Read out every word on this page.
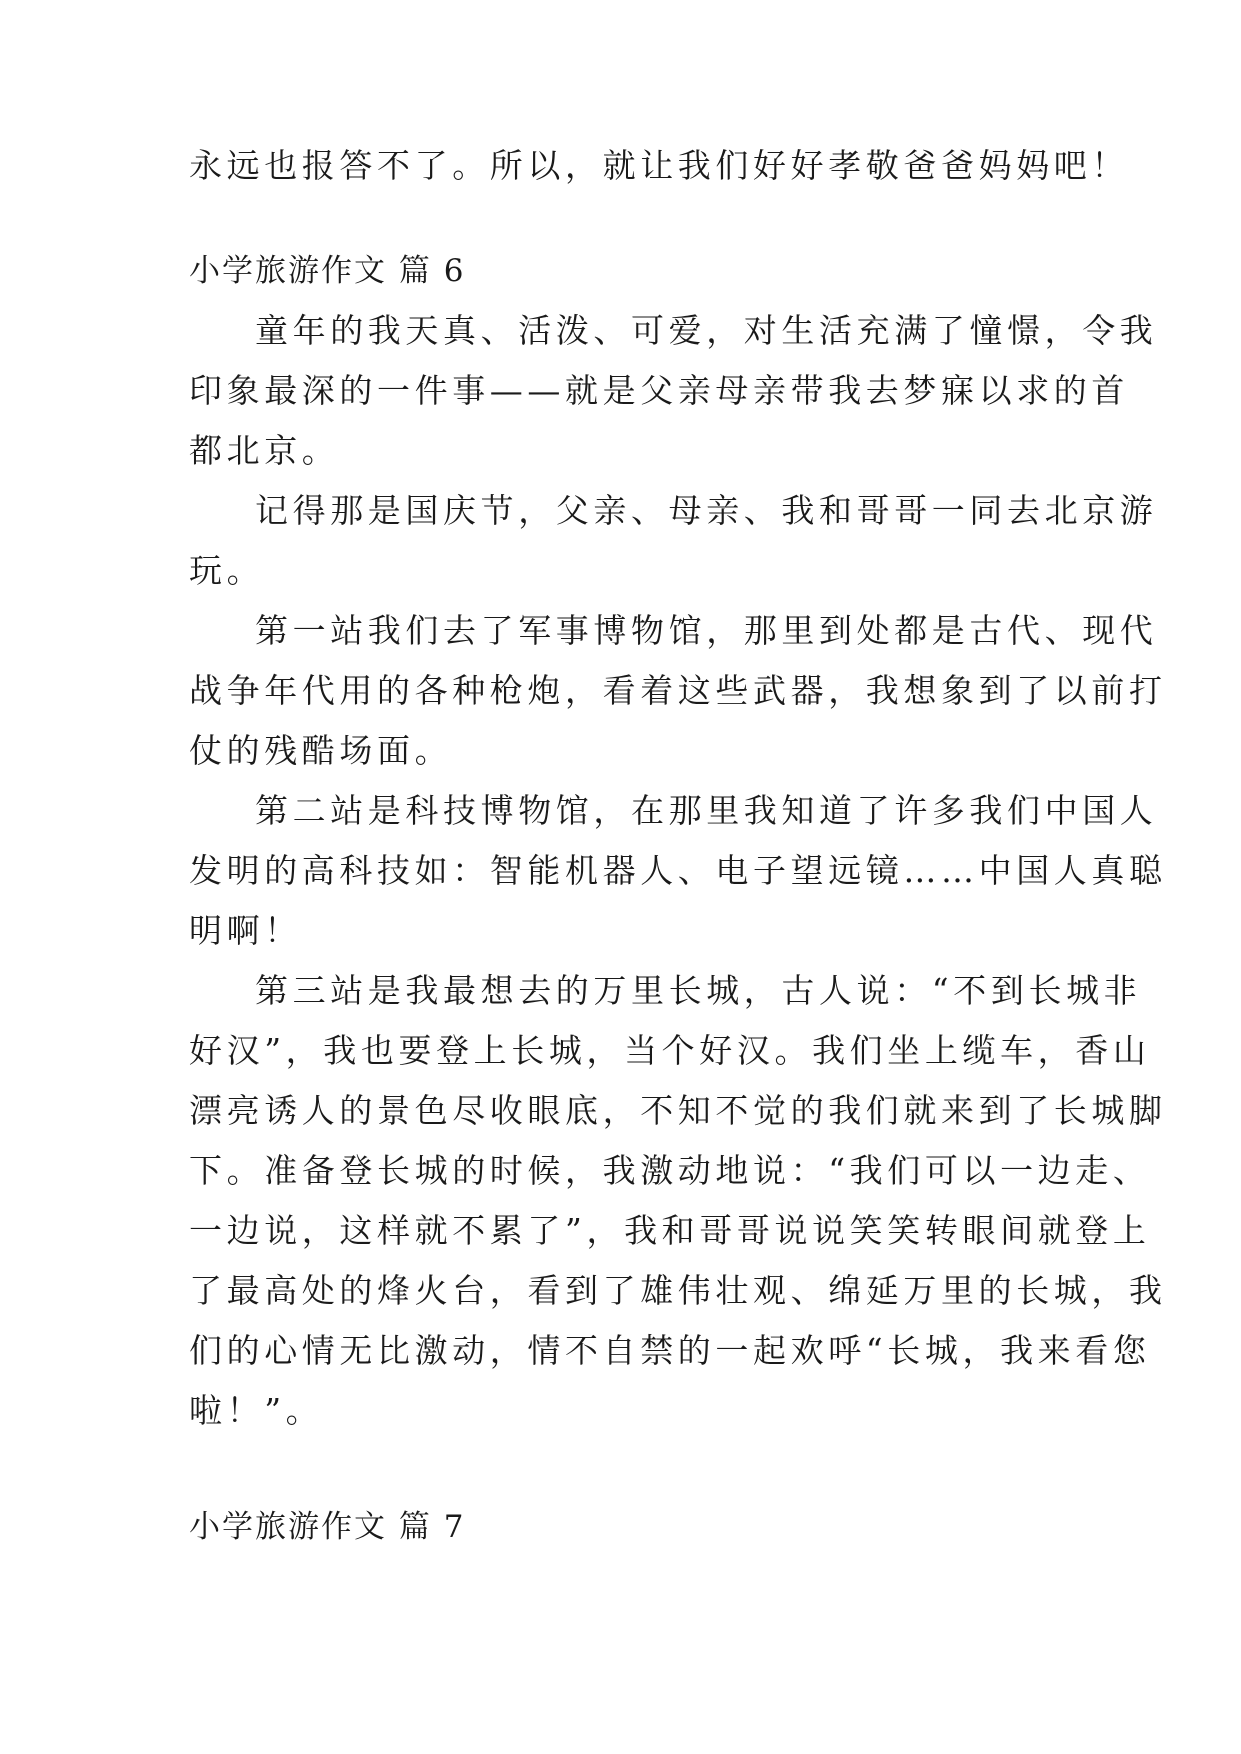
永远也报答不了。所以，就让我们好好孝敬爸爸妈妈吧！
小学旅游作文 篇 6
童年的我天真、活泼、可爱，对生活充满了憧憬，令我
印象最深的一件事——就是父亲母亲带我去梦寐以求的首
都北京。
记得那是国庆节，父亲、母亲、我和哥哥一同去北京游
玩。
第一站我们去了军事博物馆，那里到处都是古代、现代
战争年代用的各种枪炮，看着这些武器，我想象到了以前打
仗的残酷场面。
第二站是科技博物馆，在那里我知道了许多我们中国人
发明的高科技如：智能机器人、电子望远镜……中国人真聪
明啊！
第三站是我最想去的万里长城，古人说：“不到长城非
好汉”，我也要登上长城，当个好汉。我们坐上缆车，香山
漂亮诱人的景色尽收眼底，不知不觉的我们就来到了长城脚
下。准备登长城的时候，我激动地说：“我们可以一边走、
一边说，这样就不累了”，我和哥哥说说笑笑转眼间就登上
了最高处的烽火台，看到了雄伟壮观、绵延万里的长城，我
们的心情无比激动，情不自禁的一起欢呼“长城，我来看您
啦！”。
小学旅游作文 篇 7
